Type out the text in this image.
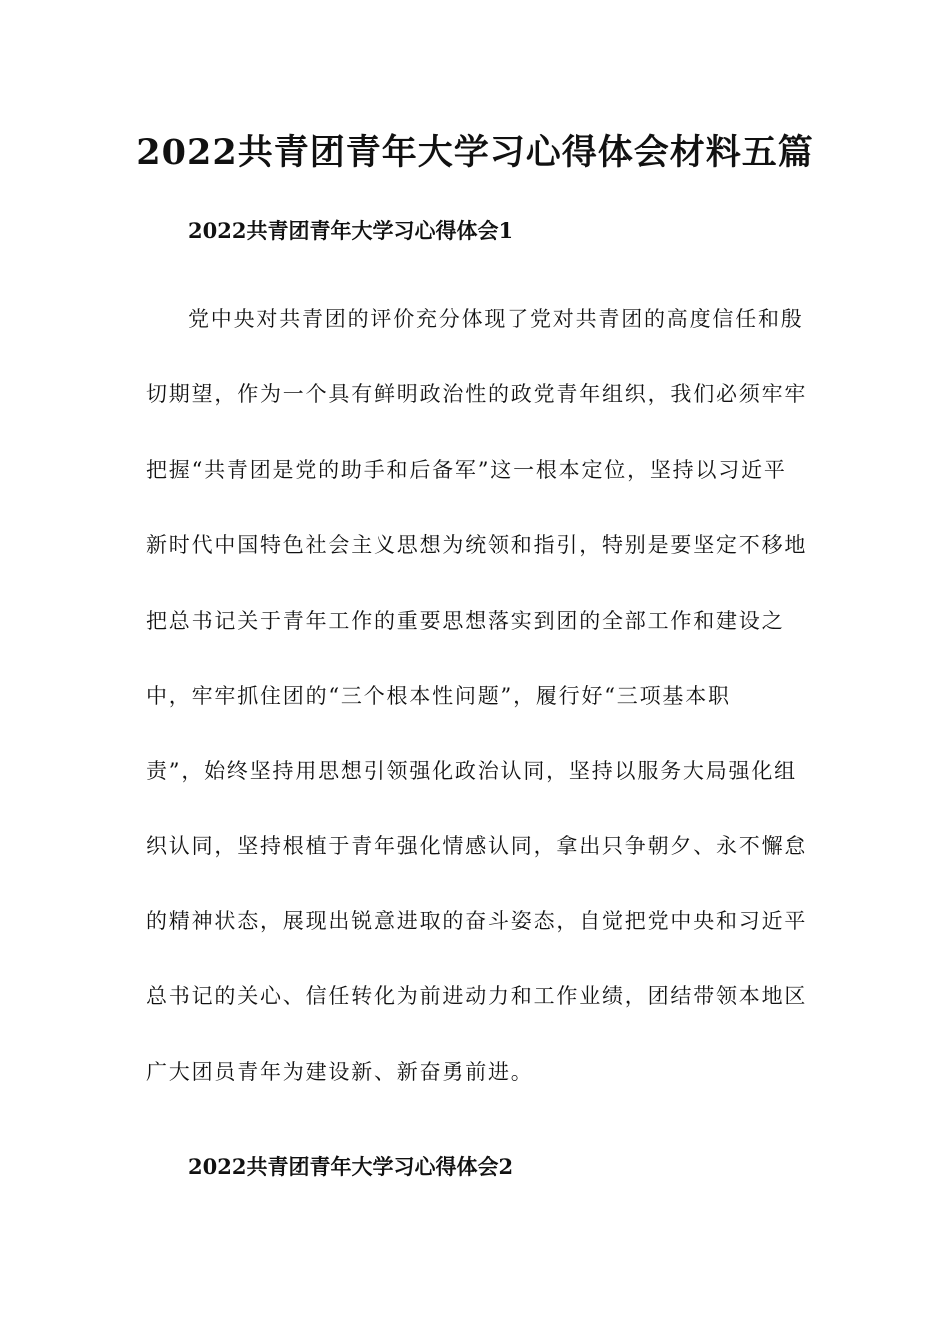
2022共青团青年大学习心得体会材料五篇
2022共青团青年大学习心得体会1
党中央对共青团的评价充分体现了党对共青团的高度信任和殷
切期望，作为一个具有鲜明政治性的政党青年组织，我们必须牢牢
把握“共青团是党的助手和后备军”这一根本定位，坚持以习近平
新时代中国特色社会主义思想为统领和指引，特别是要坚定不移地
把总书记关于青年工作的重要思想落实到团的全部工作和建设之
中，牢牢抓住团的“三个根本性问题”，履行好“三项基本职
责”，始终坚持用思想引领强化政治认同，坚持以服务大局强化组
织认同，坚持根植于青年强化情感认同，拿出只争朝夕、永不懈怠
的精神状态，展现出锐意进取的奋斗姿态，自觉把党中央和习近平
总书记的关心、信任转化为前进动力和工作业绩，团结带领本地区
广大团员青年为建设新、新奋勇前进。
2022共青团青年大学习心得体会2
